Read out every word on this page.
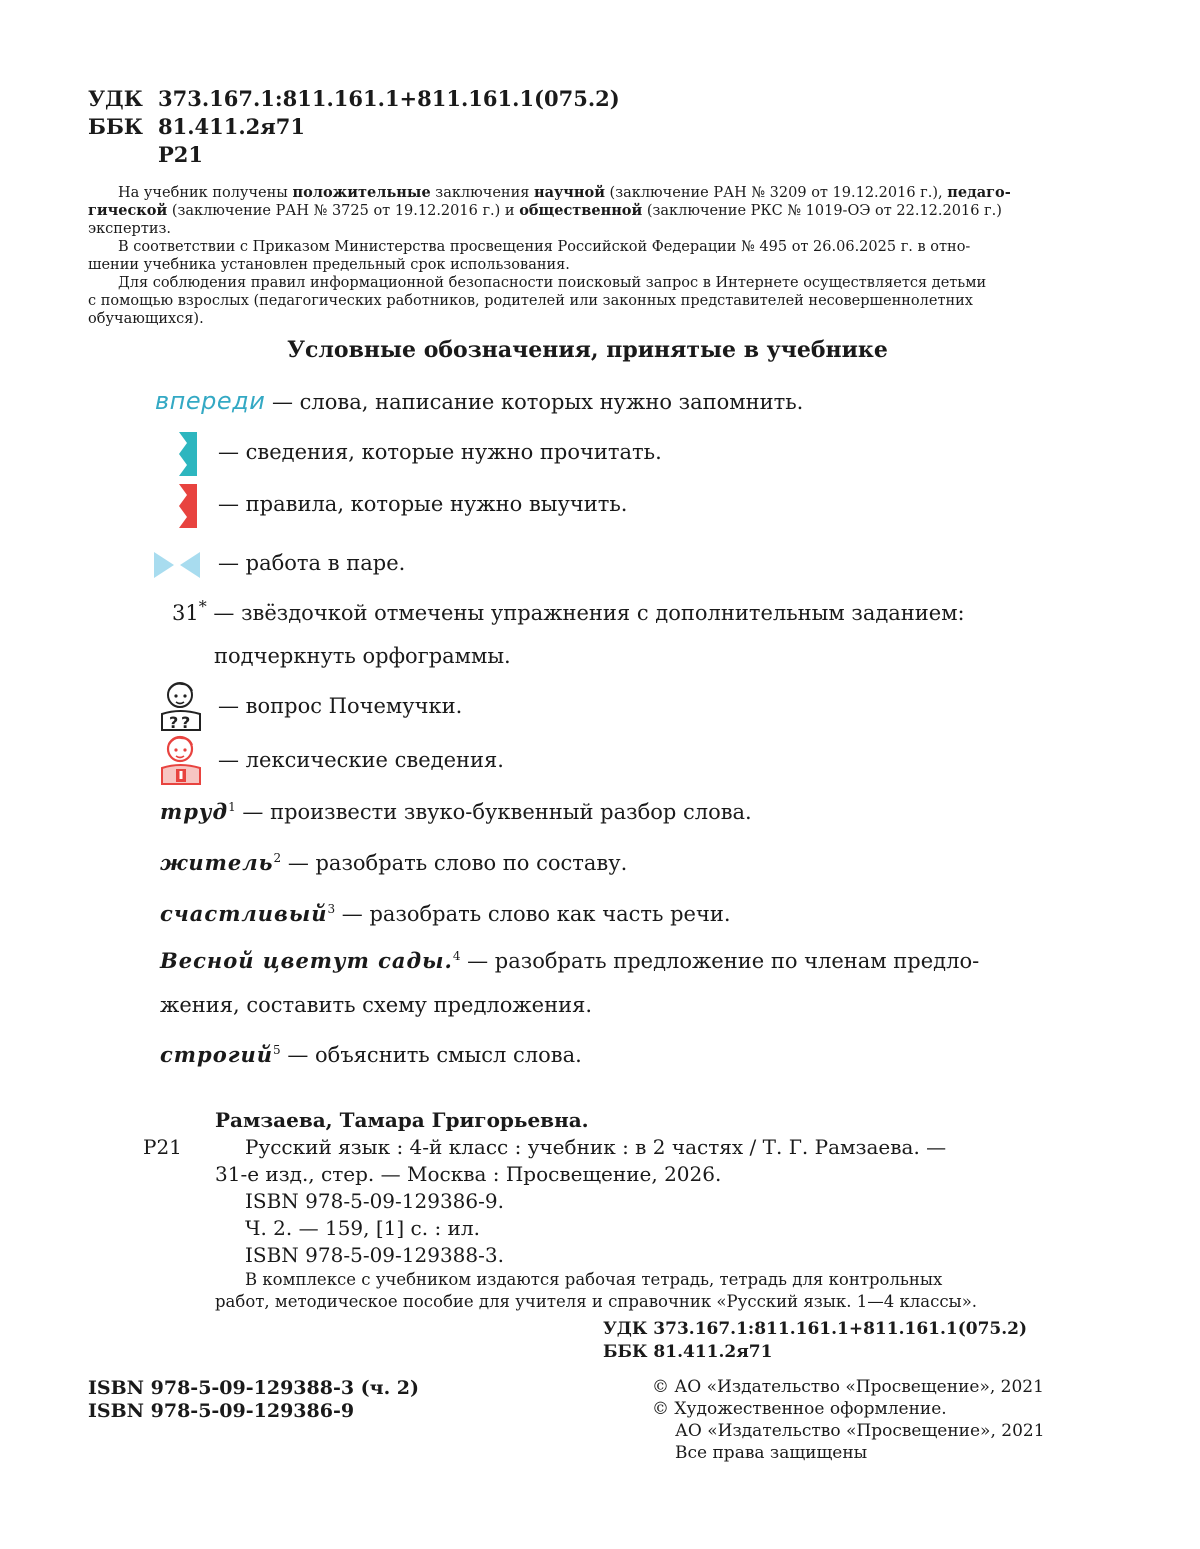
УДК 373.167.1:811.161.1+811.161.1(075.2)
ББК 81.411.2я71
Р21
На учебник получены положительные заключения научной (заключение РАН № 3209 от 19.12.2016 г.), педаго-
гической (заключение РАН № 3725 от 19.12.2016 г.) и общественной (заключение РКС № 1019-ОЭ от 22.12.2016 г.)
экспертиз.
В соответствии с Приказом Министерства просвещения Российской Федерации № 495 от 26.06.2025 г. в отно-
шении учебника установлен предельный срок использования.
Для соблюдения правил информационной безопасности поисковый запрос в Интернете осуществляется детьми
с помощью взрослых (педагогических работников, родителей или законных представителей несовершеннолетних
обучающихся).
Условные обозначения, принятые в учебнике
впереди — слова, написание которых нужно запомнить.
— сведения, которые нужно прочитать.
— правила, которые нужно выучить.
— работа в паре.
31* — звёздочкой отмечены упражнения с дополнительным заданием:
подчеркнуть орфограммы.
? ?
— вопрос Почемучки.
— лексические сведения.
труд$^1$ — произвести звуко-буквенный разбор слова.
житель$^2$ — разобрать слово по составу.
счастливый$^3$ — разобрать слово как часть речи.
Весной цветут сады.$^4$ — разобрать предложение по членам предло-
жения, составить схему предложения.
строгий$^5$ — объяснить смысл слова.
Рамзаева, Тамара Григорьевна.
Р21	Русский язык : 4-й класс : учебник : в 2 частях / Т. Г. Рамзаева. —
31-е изд., стер. — Москва : Просвещение, 2026.
ISBN 978-5-09-129386-9.
Ч. 2. — 159, [1] с. : ил.
ISBN 978-5-09-129388-3.
В комплексе с учебником издаются рабочая тетрадь, тетрадь для контрольных
работ, методическое пособие для учителя и справочник «Русский язык. 1—4 классы».
УДК 373.167.1:811.161.1+811.161.1(075.2)
ББК 81.411.2я71
ISBN 978-5-09-129388-3 (ч. 2)
ISBN 978-5-09-129386-9
© АО «Издательство «Просвещение», 2021
© Художественное оформление.
АО «Издательство «Просвещение», 2021
Все права защищены
